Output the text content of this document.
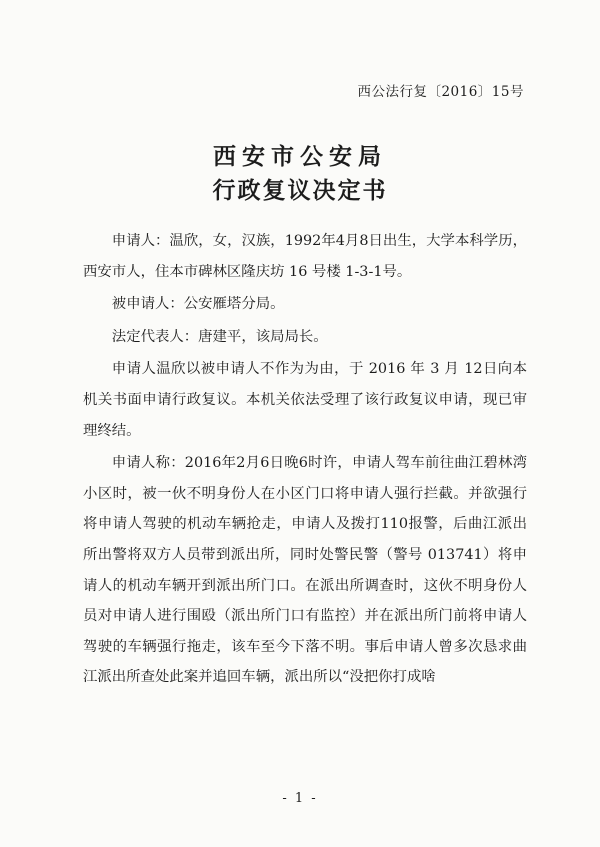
西公法行复〔2016〕15号
西安市公安局
行政复议决定书

申请人：温欣，女，汉族，1992年4月8日出生，大学本科学历，西安市人，住本市碑林区隆庆坊 16 号楼 1-3-1号。

被申请人：公安雁塔分局。

法定代表人：唐建平，该局局长。

申请人温欣以被申请人不作为为由，于 2016 年 3 月 12日向本机关书面申请行政复议。本机关依法受理了该行政复议申请，现已审理终结。

申请人称：2016年2月6日晚6时许，申请人驾车前往曲江碧林湾小区时，被一伙不明身份人在小区门口将申请人强行拦截。并欲强行将申请人驾驶的机动车辆抢走，申请人及拨打110报警，后曲江派出所出警将双方人员带到派出所，同时处警民警（警号 013741）将申请人的机动车辆开到派出所门口。在派出所调查时，这伙不明身份人员对申请人进行围殴（派出所门口有监控）并在派出所门前将申请人驾驶的车辆强行拖走，该车至今下落不明。事后申请人曾多次恳求曲江派出所查处此案并追回车辆，派出所以“没把你打成啥

- 1 -
